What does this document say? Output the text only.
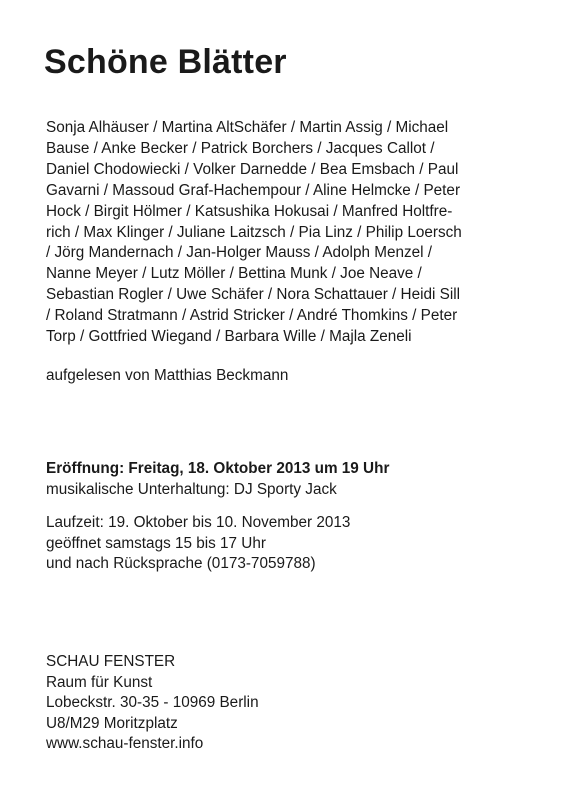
Schöne Blätter

Sonja Alhäuser / Martina AltSchäfer / Martin Assig / Michael
Bause / Anke Becker / Patrick Borchers / Jacques Callot /
Daniel Chodowiecki / Volker Darnedde / Bea Emsbach / Paul
Gavarni / Massoud Graf-Hachempour / Aline Helmcke / Peter
Hock / Birgit Hölmer / Katsushika Hokusai / Manfred Holtfre-
rich / Max Klinger / Juliane Laitzsch / Pia Linz / Philip Loersch
/ Jörg Mandernach / Jan-Holger Mauss / Adolph Menzel /
Nanne Meyer / Lutz Möller / Bettina Munk / Joe Neave /
Sebastian Rogler / Uwe Schäfer / Nora Schattauer / Heidi Sill
/ Roland Stratmann / Astrid Stricker / André Thomkins / Peter
Torp / Gottfried Wiegand / Barbara Wille / Majla Zeneli

aufgelesen von Matthias Beckmann

Eröffnung: Freitag, 18. Oktober 2013 um 19 Uhr
musikalische Unterhaltung: DJ Sporty Jack

Laufzeit: 19. Oktober bis 10. November 2013
geöffnet samstags 15 bis 17 Uhr
und nach Rücksprache (0173-7059788)

SCHAU FENSTER
Raum für Kunst
Lobeckstr. 30-35 - 10969 Berlin
U8/M29 Moritzplatz
www.schau-fenster.info
